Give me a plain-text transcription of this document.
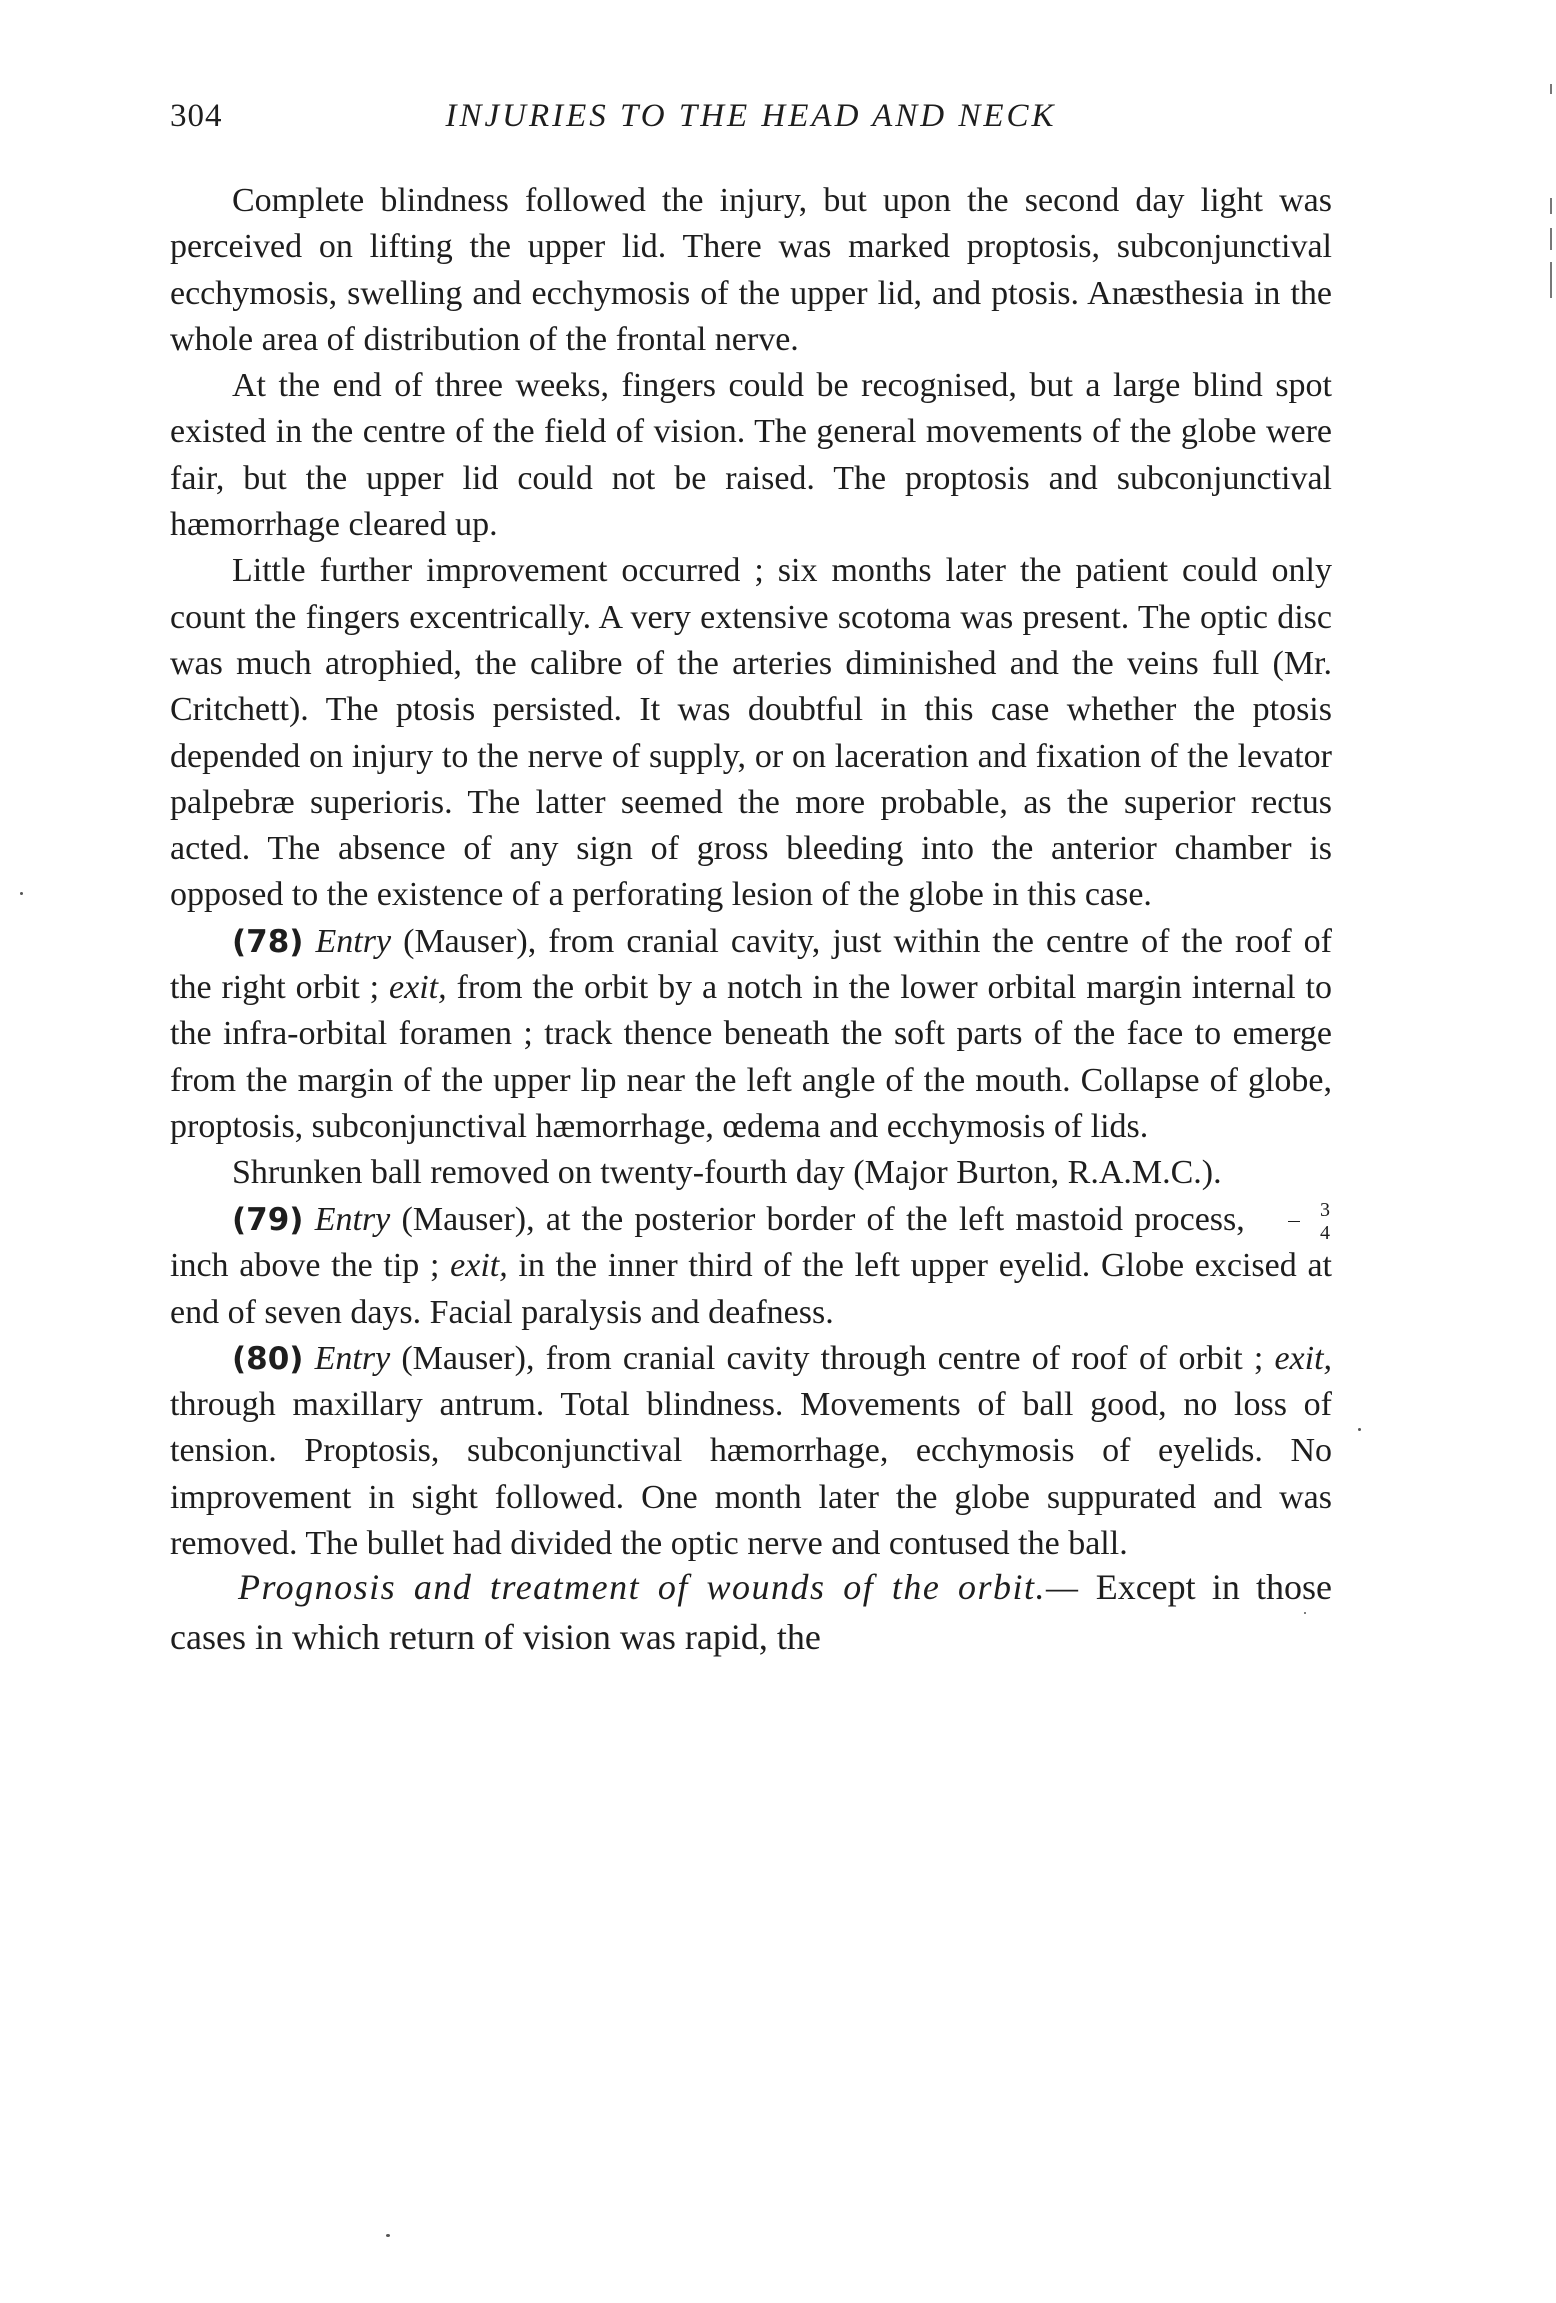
304	INJURIES TO THE HEAD AND NECK

Complete blindness followed the injury, but upon the second day light was perceived on lifting the upper lid. There was marked proptosis, subconjunctival ecchymosis, swelling and ecchymosis of the upper lid, and ptosis. Anæsthesia in the whole area of distribution of the frontal nerve.

At the end of three weeks, fingers could be recognised, but a large blind spot existed in the centre of the field of vision. The general movements of the globe were fair, but the upper lid could not be raised. The proptosis and subconjunctival hæmorrhage cleared up.

Little further improvement occurred ; six months later the patient could only count the fingers excentrically. A very extensive scotoma was present. The optic disc was much atrophied, the calibre of the arteries diminished and the veins full (Mr. Critchett). The ptosis persisted. It was doubtful in this case whether the ptosis depended on injury to the nerve of supply, or on laceration and fixation of the levator palpebræ superioris. The latter seemed the more probable, as the superior rectus acted. The absence of any sign of gross bleeding into the anterior chamber is opposed to the existence of a perforating lesion of the globe in this case.

(78) Entry (Mauser), from cranial cavity, just within the centre of the roof of the right orbit ; exit, from the orbit by a notch in the lower orbital margin internal to the infra-orbital foramen ; track thence beneath the soft parts of the face to emerge from the margin of the upper lip near the left angle of the mouth. Collapse of globe, proptosis, subconjunctival hæmorrhage, œdema and ecchymosis of lids.

Shrunken ball removed on twenty-fourth day (Major Burton, R.A.M.C.).

(79) Entry (Mauser), at the posterior border of the left mastoid process, $\frac{3}{4}$
inch above the tip ; exit, in the inner third of the left upper eyelid. Globe excised at end of seven days. Facial paralysis and deafness.

(80) Entry (Mauser), from cranial cavity through centre of roof of orbit ; exit, through maxillary antrum. Total blindness. Movements of ball good, no loss of tension. Proptosis, subconjunctival hæmorrhage, ecchymosis of eyelids. No improvement in sight followed. One month later the globe suppurated and was removed. The bullet had divided the optic nerve and contused the ball.

Prognosis and treatment of wounds of the orbit.— Except in those cases in which return of vision was rapid, the
